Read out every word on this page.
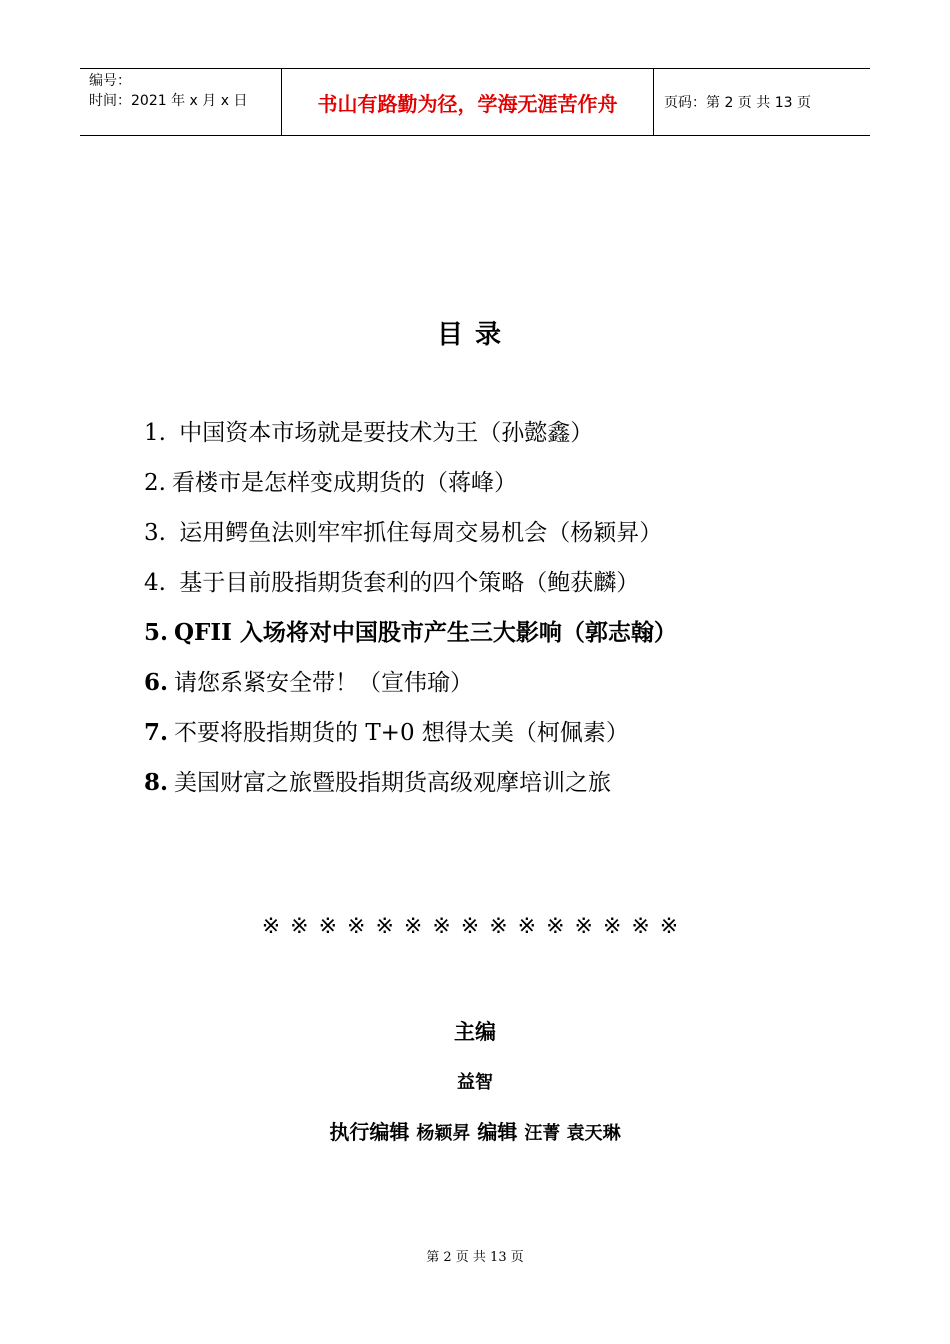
编号：
时间：2021 年 x 月 x 日	书山有路勤为径，学海无涯苦作舟	页码：第 2 页 共 13 页
目录
1. 中国资本市场就是要技术为王（孙懿鑫）
2. 看楼市是怎样变成期货的（蒋峰）
3. 运用鳄鱼法则牢牢抓住每周交易机会（杨颖昇）
4. 基于目前股指期货套利的四个策略（鲍获麟）
5. QFII 入场将对中国股市产生三大影响（郭志翰）
6. 请您系紧安全带！（宣伟瑜）
7. 不要将股指期货的 T+0 想得太美（柯佩素）
8. 美国财富之旅暨股指期货高级观摩培训之旅
※※※※※※※※※※※※※※※
主编
益智
执行编辑 杨颖昇 编辑 汪菁 袁天琳
第 2 页 共 13 页
